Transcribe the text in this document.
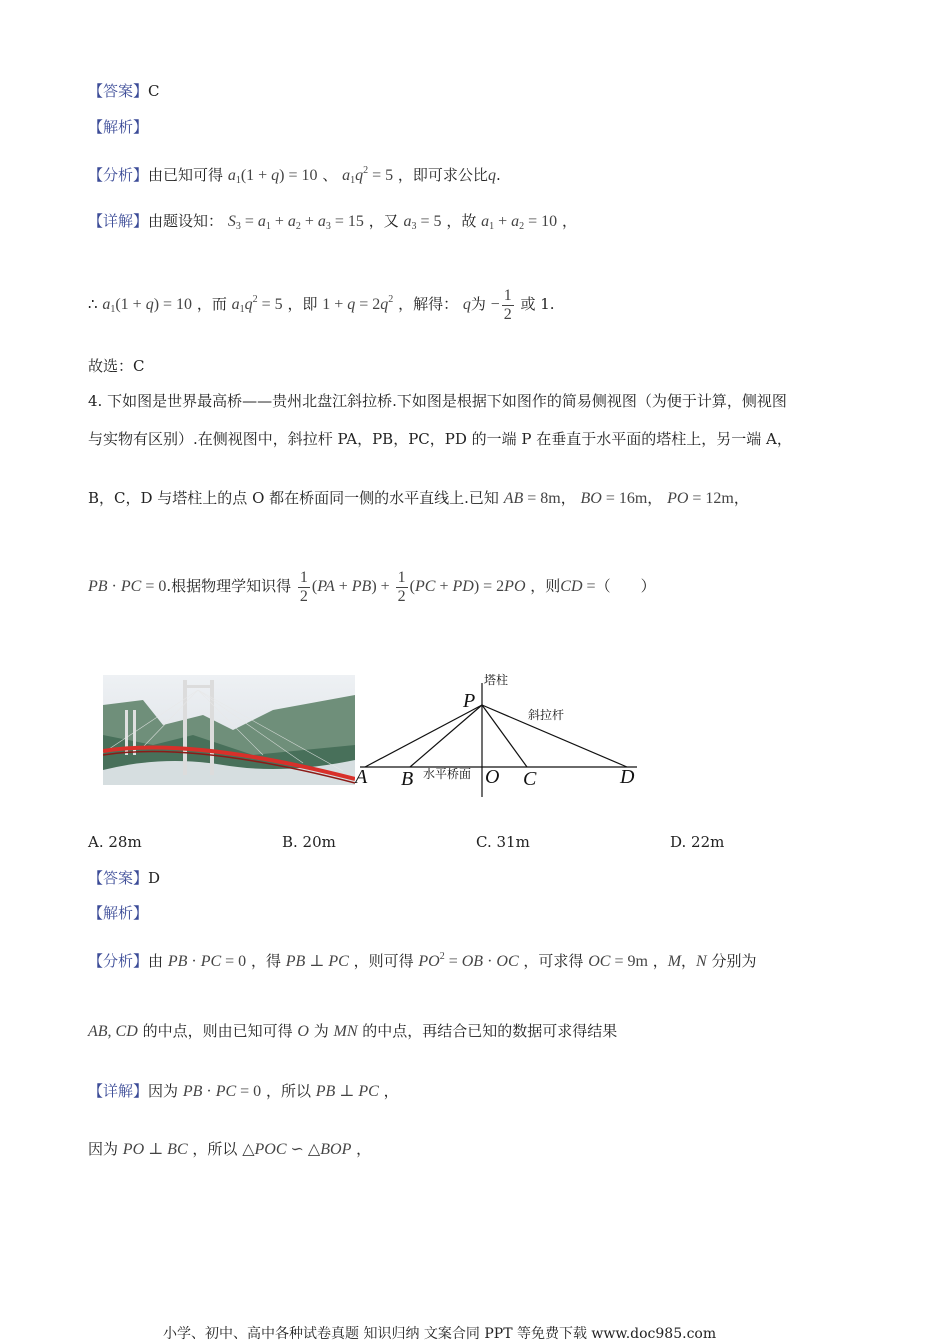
【答案】C
【解析】
【分析】由已知可得 $a_1(1 + q) = 10$ 、 $a_1q^2 = 5$ ，即可求公比q.
【详解】由题设知： $S_3 = a_1 + a_2 + a_3 = 15$ ，又 $a_3 = 5$ ，故 $a_1 + a_2 = 10$ ，
∴ $a_1(1 + q) = 10$ ，而 $a_1q^2 = 5$ ，即 $1 + q = 2q^2$ ，解得： q为 − $\frac{1}{2}$ 或 1.
故选：C
4. 下如图是世界最高桥——贵州北盘江斜拉桥.下如图是根据下如图作的简易侧视图（为便于计算，侧视图
与实物有区别）.在侧视图中，斜拉杆 PA，PB，PC，PD 的一端 P 在垂直于水平面的塔柱上，另一端 A，
B，C，D 与塔柱上的点 O 都在桥面同一侧的水平直线上.已知 AB = 8m， BO = 16m， PO = 12m，
PB · PC = 0.根据物理学知识得 $\frac{1}{2} (PA + PB) + \frac{1}{2} (PC + PD) = 2PO$ ，则CD =（　　）
P
A B	O C	D
塔柱
斜拉杆
水平桥面
A. 28m	B. 20m	C. 31m	D. 22m
【答案】D
【解析】
【分析】由 PB · PC = 0 ，得 PB ⊥ PC ，则可得 $PO^2$ = OB · OC ，可求得 OC = 9m ，M，N 分别为
AB, CD 的中点，则由已知可得 O 为 MN 的中点，再结合已知的数据可求得结果
【详解】因为 PB · PC = 0 ，所以 PB ⊥ PC ，
因为 PO ⊥ BC ，所以 △POC ∽ △BOP ，
小学、初中、高中各种试卷真题 知识归纳 文案合同 PPT 等免费下载 www.doc985.com
